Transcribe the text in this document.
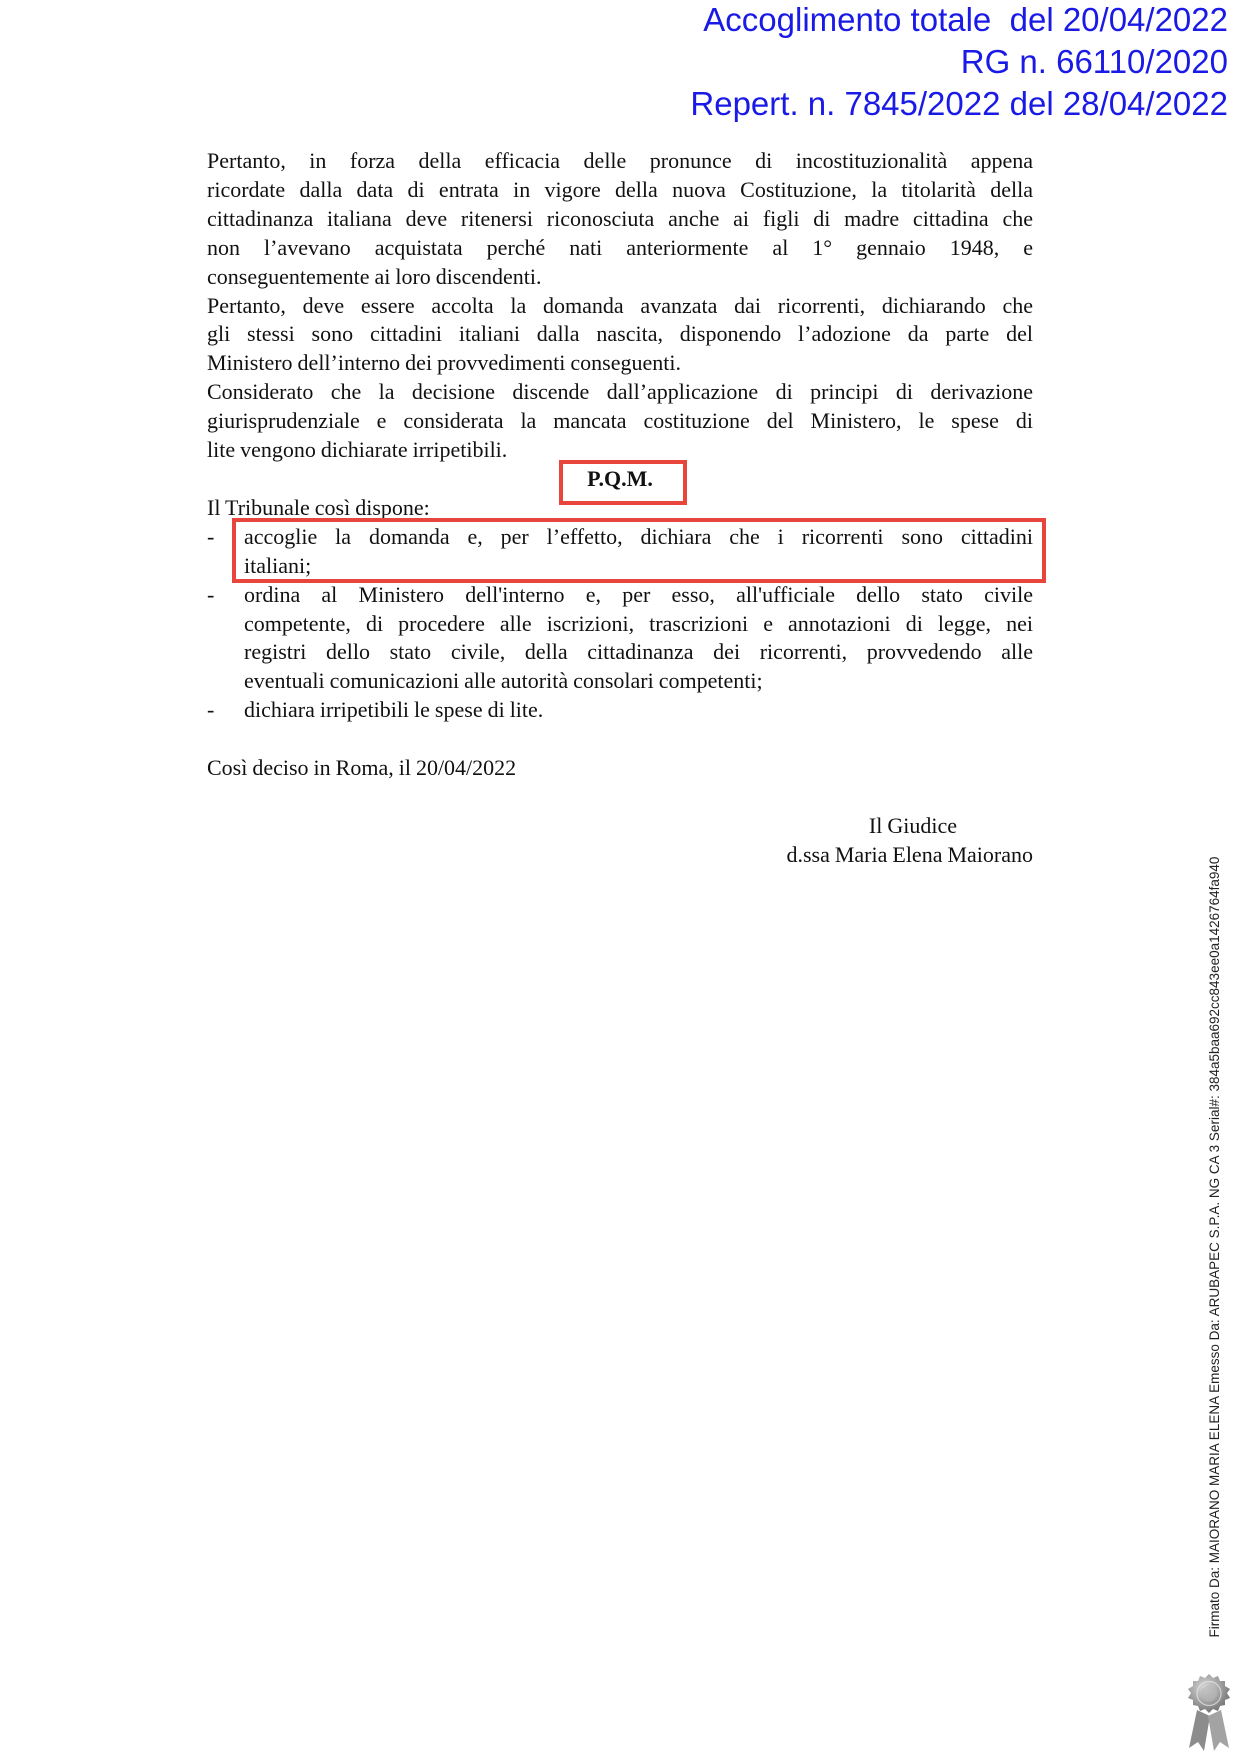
Accoglimento totale  del 20/04/2022
RG n. 66110/2020
Repert. n. 7845/2022 del 28/04/2022
Pertanto, in forza della efficacia delle pronunce di incostituzionalità appena
ricordate dalla data di entrata in vigore della nuova Costituzione, la titolarità della
cittadinanza italiana deve ritenersi riconosciuta anche ai figli di madre cittadina che
non l’avevano acquistata perché nati anteriormente al 1° gennaio 1948, e
conseguentemente ai loro discendenti.
Pertanto, deve essere accolta la domanda avanzata dai ricorrenti, dichiarando che
gli stessi sono cittadini italiani dalla nascita, disponendo l’adozione da parte del
Ministero dell’interno dei provvedimenti conseguenti.
Considerato che la decisione discende dall’applicazione di principi di derivazione
giurisprudenziale e considerata la mancata costituzione del Ministero, le spese di
lite vengono dichiarate irripetibili.
P.Q.M.
Il Tribunale così dispone:
-	accoglie la domanda e, per l’effetto, dichiara che i ricorrenti sono cittadini
italiani;
-	ordina al Ministero dell'interno e, per esso, all'ufficiale dello stato civile
competente, di procedere alle iscrizioni, trascrizioni e annotazioni di legge, nei
registri dello stato civile, della cittadinanza dei ricorrenti, provvedendo alle
eventuali comunicazioni alle autorità consolari competenti;
-	dichiara irripetibili le spese di lite.
Così deciso in Roma, il 20/04/2022
Il Giudice
d.ssa Maria Elena Maiorano
Firmato Da: MAIORANO MARIA ELENA Emesso Da: ARUBAPEC S.P.A. NG CA 3 Serial#: 384a5baa692cc843ee0a1426764fa940
